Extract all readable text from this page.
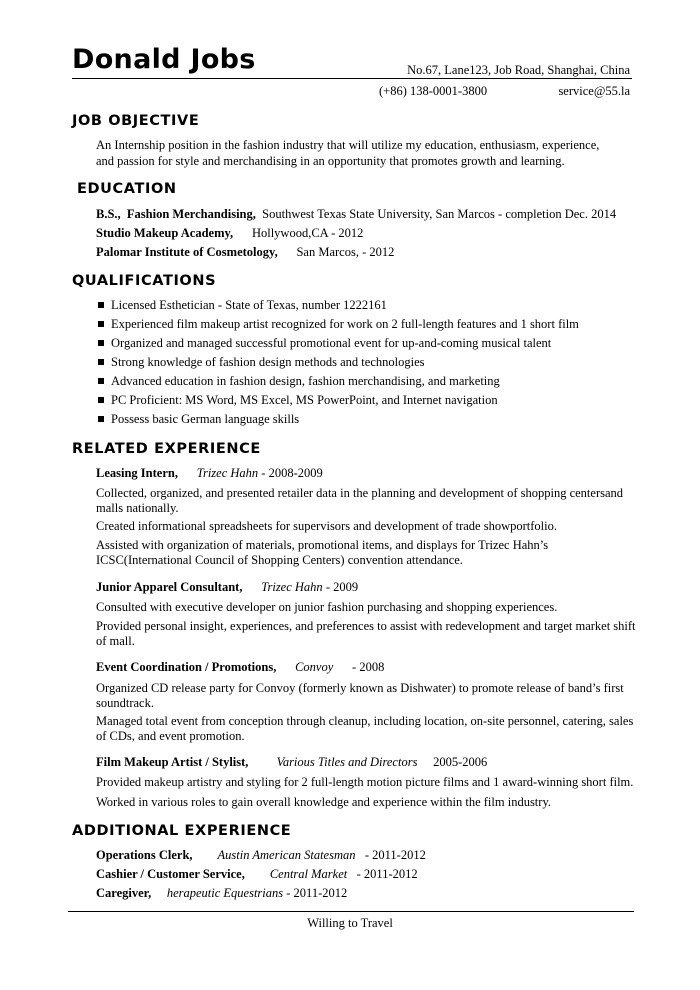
Donald Jobs	No.67, Lane123, Job Road, Shanghai, China
(+86) 138-0001-3800	service@55.la
JOB OBJECTIVE
An Internship position in the fashion industry that will utilize my education, enthusiasm, experience,
and passion for style and merchandising in an opportunity that promotes growth and learning.
EDUCATION
B.S., Fashion Merchandising, Southwest Texas State University, San Marcos - completion Dec. 2014
Studio Makeup Academy, Hollywood,CA - 2012
Palomar Institute of Cosmetology, San Marcos, - 2012
QUALIFICATIONS
Licensed Esthetician - State of Texas, number 1222161
Experienced film makeup artist recognized for work on 2 full-length features and 1 short film
Organized and managed successful promotional event for up-and-coming musical talent
Strong knowledge of fashion design methods and technologies
Advanced education in fashion design, fashion merchandising, and marketing
PC Proficient: MS Word, MS Excel, MS PowerPoint, and Internet navigation
Possess basic German language skills
RELATED EXPERIENCE
Leasing Intern, Trizec Hahn - 2008-2009
Collected, organized, and presented retailer data in the planning and development of shopping centersand
malls nationally.
Created informational spreadsheets for supervisors and development of trade showportfolio.
Assisted with organization of materials, promotional items, and displays for Trizec Hahn’s
ICSC(International Council of Shopping Centers) convention attendance.
Junior Apparel Consultant, Trizec Hahn - 2009
Consulted with executive developer on junior fashion purchasing and shopping experiences.
Provided personal insight, experiences, and preferences to assist with redevelopment and target market shift
of mall.
Event Coordination / Promotions, Convoy - 2008
Organized CD release party for Convoy (formerly known as Dishwater) to promote release of band’s first
soundtrack.
Managed total event from conception through cleanup, including location, on-site personnel, catering, sales
of CDs, and event promotion.
Film Makeup Artist / Stylist, Various Titles and Directors 2005-2006
Provided makeup artistry and styling for 2 full-length motion picture films and 1 award-winning short film.
Worked in various roles to gain overall knowledge and experience within the film industry.
ADDITIONAL EXPERIENCE
Operations Clerk, Austin American Statesman   - 2011-2012
Cashier / Customer Service, Central Market   - 2011-2012
Caregiver, herapeutic Equestrians - 2011-2012
Willing to Travel
